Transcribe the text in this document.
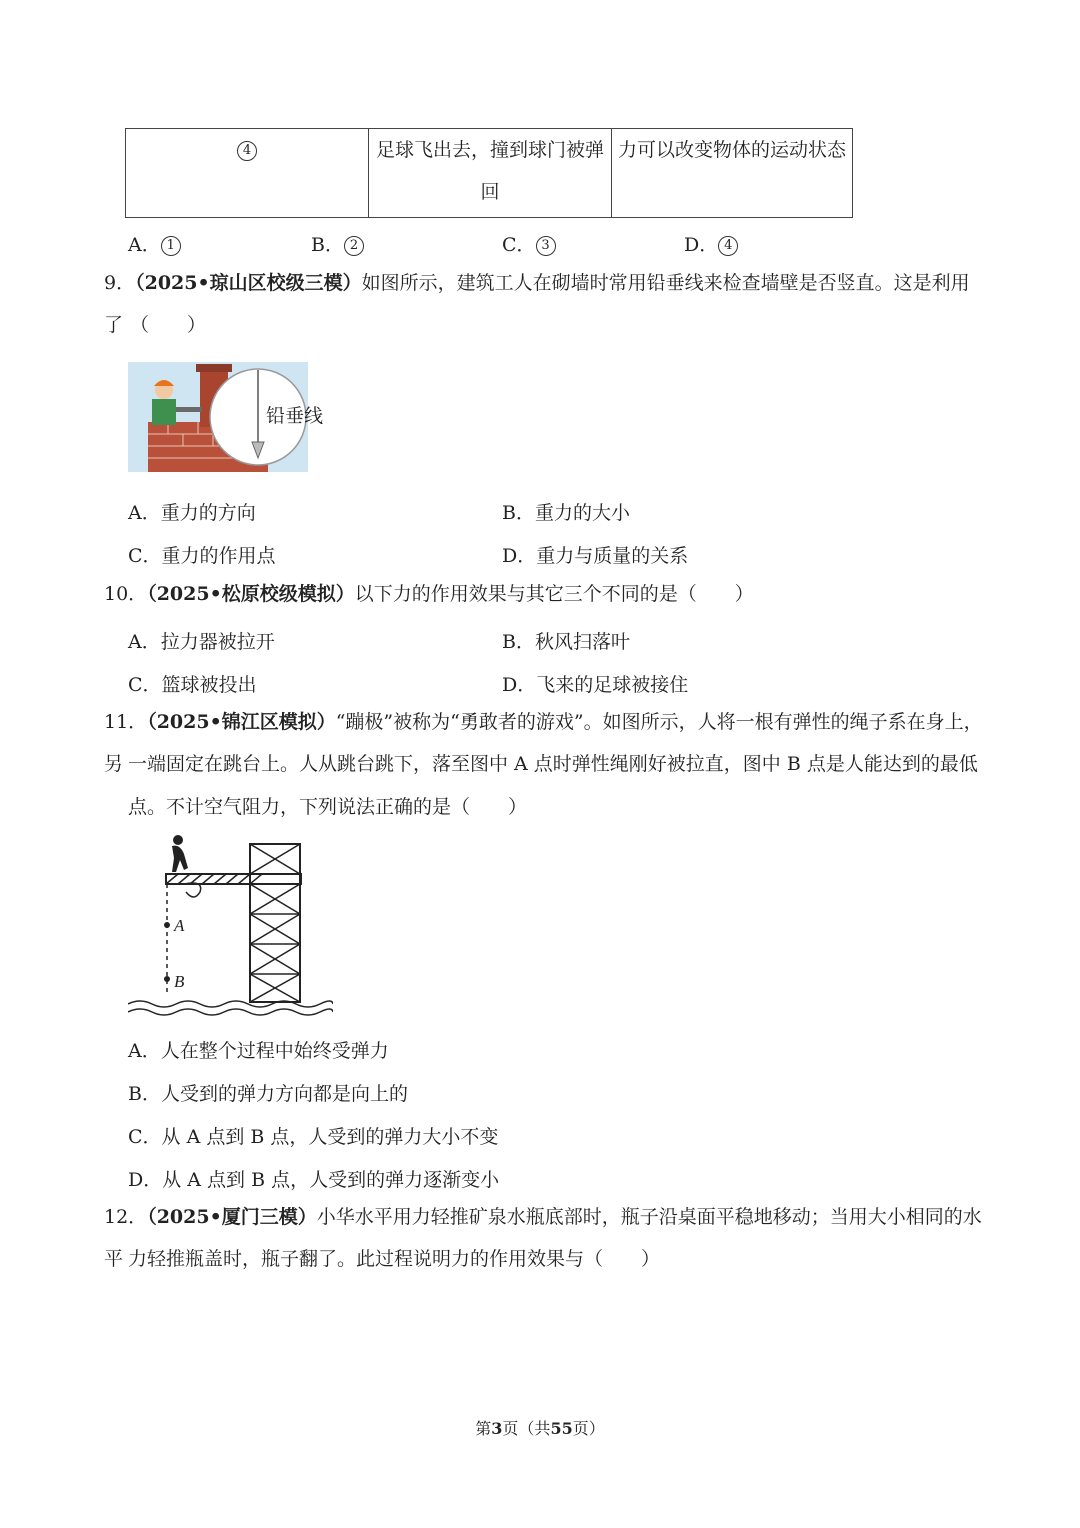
4	足球飞出去，撞到球门被弹回	力可以改变物体的运动状态
A． 1	B． 2	C． 3	D． 4
9．（2025•琼山区校级三模）如图所示，建筑工人在砌墙时常用铅垂线来检查墙壁是否竖直。这是利用了 （　　）
铅垂线
A．重力的方向	B．重力的大小
C．重力的作用点	D．重力与质量的关系
10．（2025•松原校级模拟）以下力的作用效果与其它三个不同的是（　　）
A．拉力器被拉开	B．秋风扫落叶
C．篮球被投出	D．飞来的足球被接住
11．（2025•锦江区模拟）“蹦极”被称为“勇敢者的游戏”。如图所示，人将一根有弹性的绳子系在身上，另 一端固定在跳台上。人从跳台跳下，落至图中 A 点时弹性绳刚好被拉直，图中 B 点是人能达到的最低
点。不计空气阻力，下列说法正确的是（　　）
A
B
A．人在整个过程中始终受弹力
B．人受到的弹力方向都是向上的
C．从 A 点到 B 点，人受到的弹力大小不变
D．从 A 点到 B 点，人受到的弹力逐渐变小
12．（2025•厦门三模）小华水平用力轻推矿泉水瓶底部时，瓶子沿桌面平稳地移动；当用大小相同的水平 力轻推瓶盖时，瓶子翻了。此过程说明力的作用效果与（　　）
第3页（共55页）
